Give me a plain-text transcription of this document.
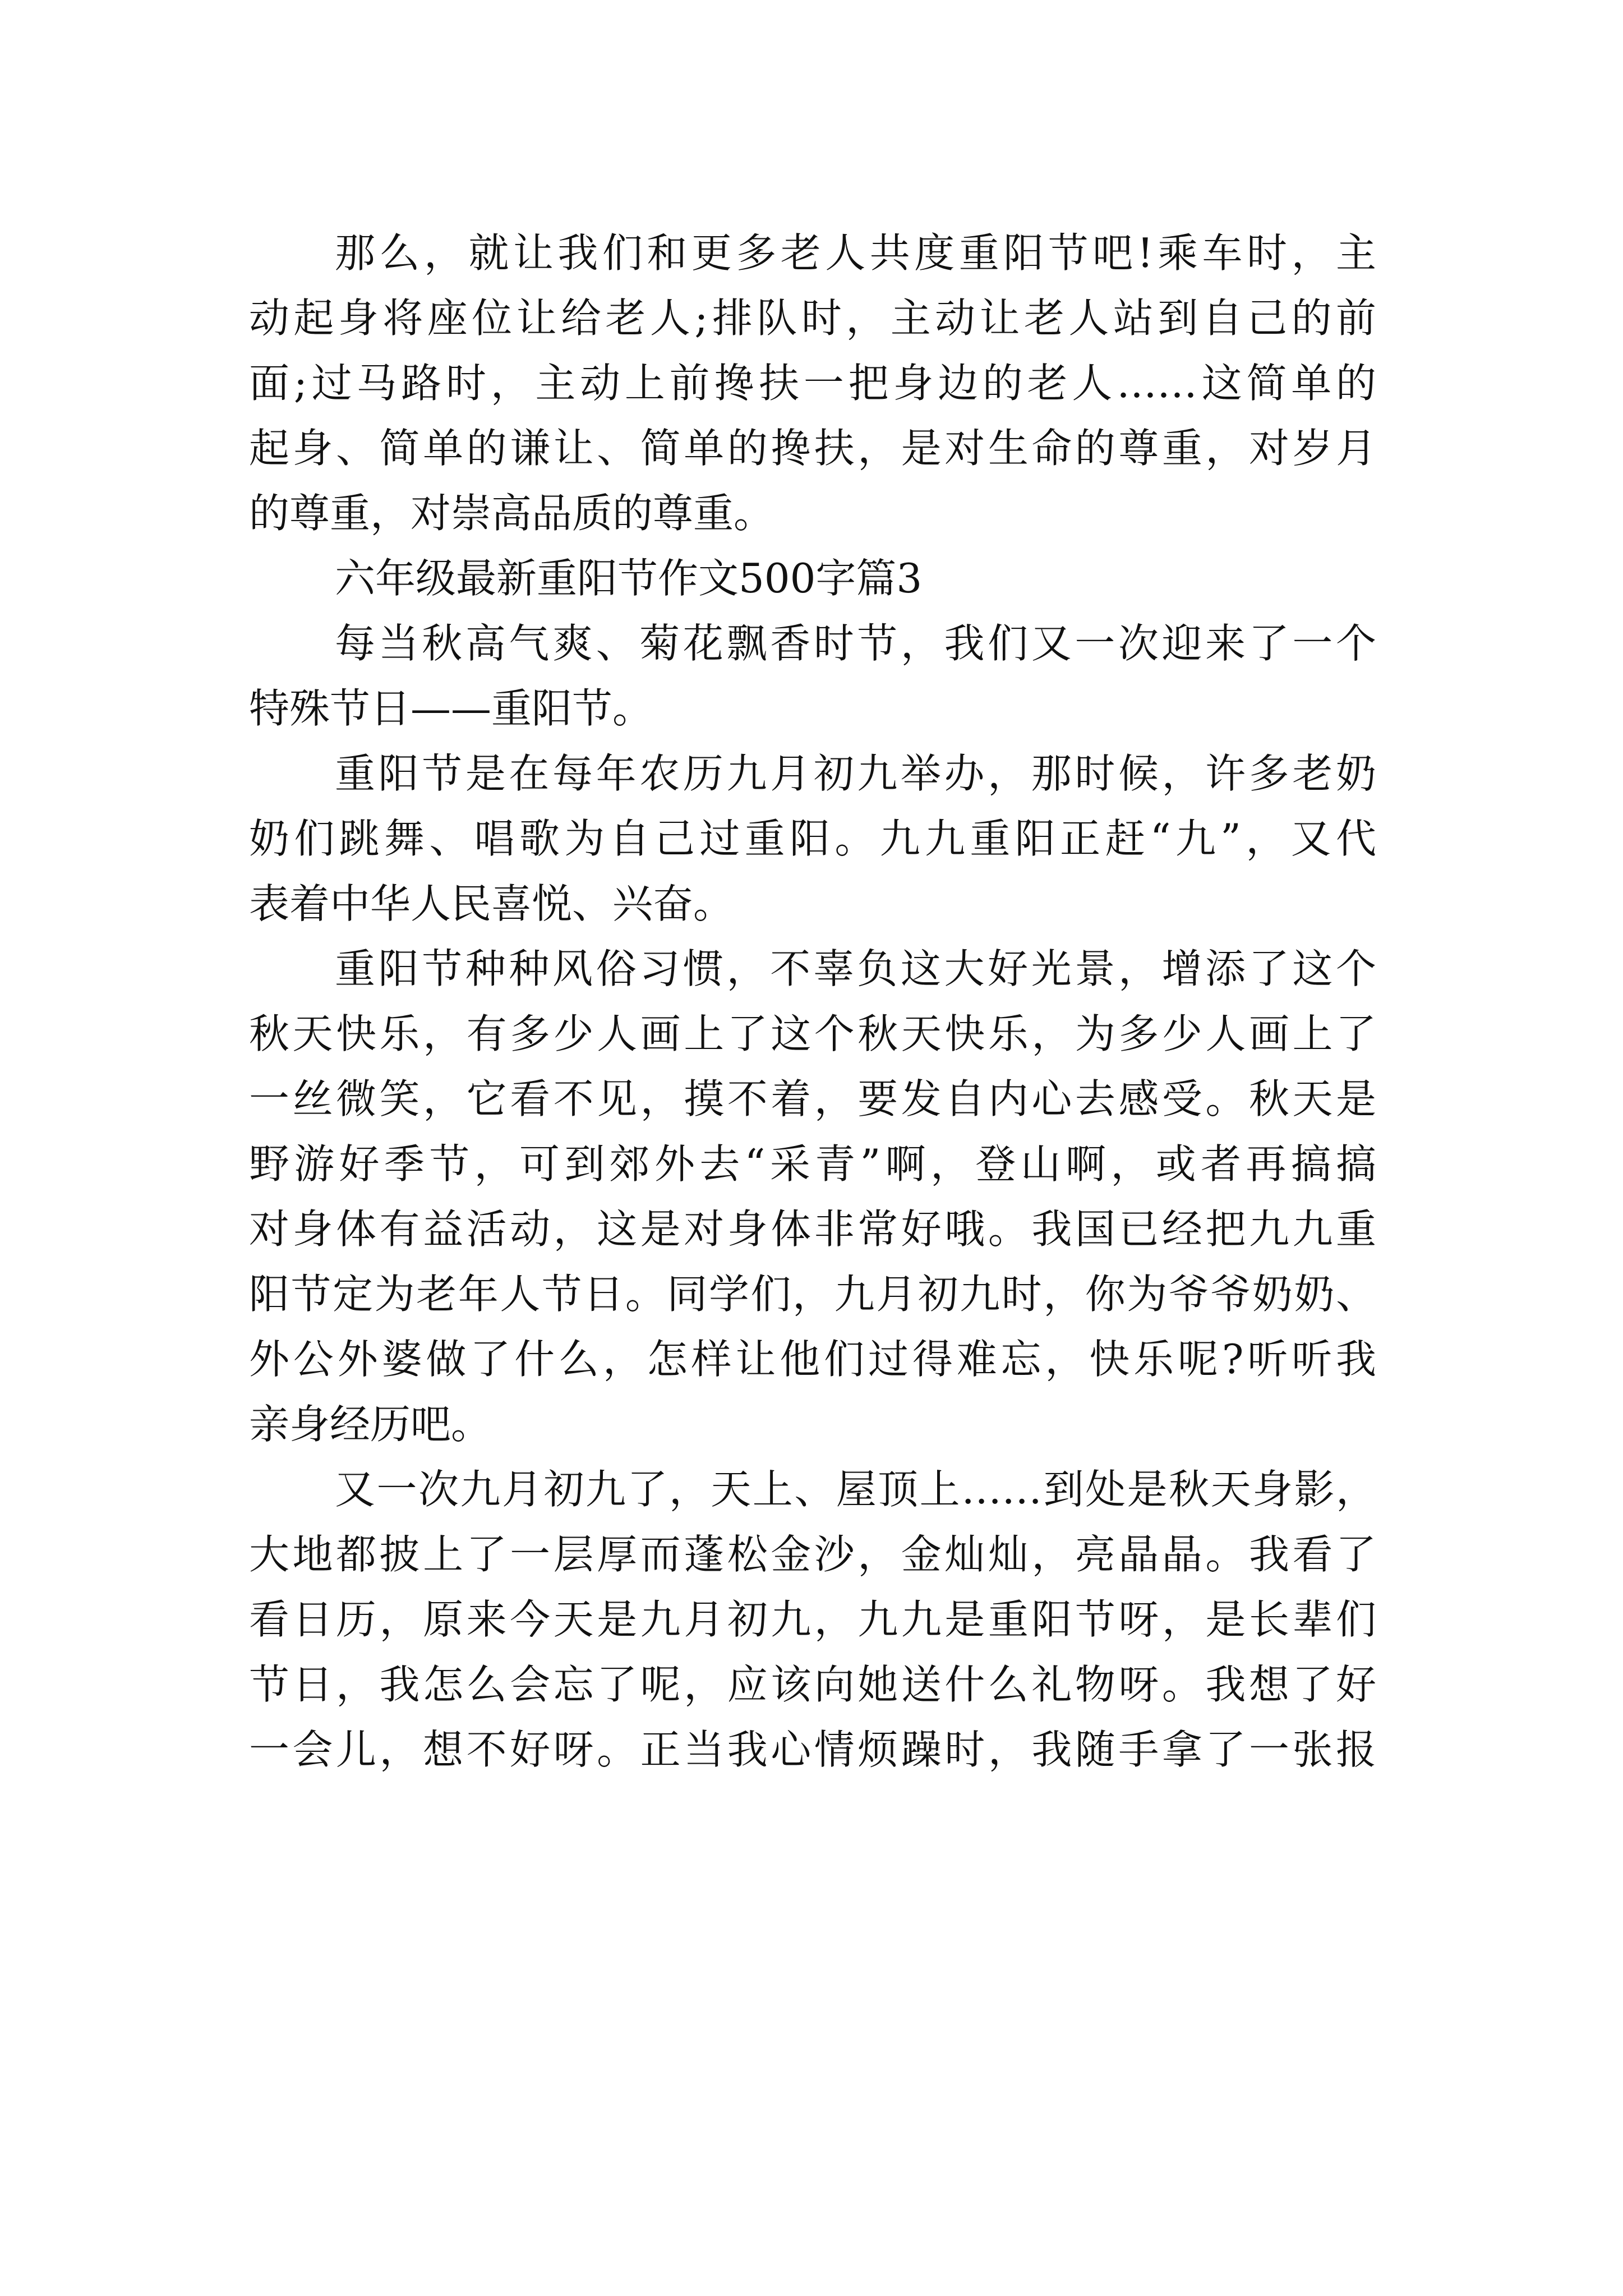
那么，就让我们和更多老人共度重阳节吧!乘车时，主

动起身将座位让给老人;排队时，主动让老人站到自己的前

面;过马路时，主动上前搀扶一把身边的老人……这简单的

起身、简单的谦让、简单的搀扶，是对生命的尊重，对岁月

的尊重，对崇高品质的尊重。

六年级最新重阳节作文500字篇3

每当秋高气爽、菊花飘香时节，我们又一次迎来了一个

特殊节日——重阳节。

重阳节是在每年农历九月初九举办，那时候，许多老奶

奶们跳舞、唱歌为自己过重阳。九九重阳正赶“九”，又代

表着中华人民喜悦、兴奋。

重阳节种种风俗习惯，不辜负这大好光景，增添了这个

秋天快乐，有多少人画上了这个秋天快乐，为多少人画上了

一丝微笑，它看不见，摸不着，要发自内心去感受。秋天是

野游好季节，可到郊外去“采青”啊，登山啊，或者再搞搞

对身体有益活动，这是对身体非常好哦。我国已经把九九重

阳节定为老年人节日。同学们，九月初九时，你为爷爷奶奶、

外公外婆做了什么，怎样让他们过得难忘，快乐呢?听听我

亲身经历吧。

又一次九月初九了，天上、屋顶上……到处是秋天身影，

大地都披上了一层厚而蓬松金沙，金灿灿，亮晶晶。我看了

看日历，原来今天是九月初九，九九是重阳节呀，是长辈们

节日，我怎么会忘了呢，应该向她送什么礼物呀。我想了好

一会儿，想不好呀。正当我心情烦躁时，我随手拿了一张报
